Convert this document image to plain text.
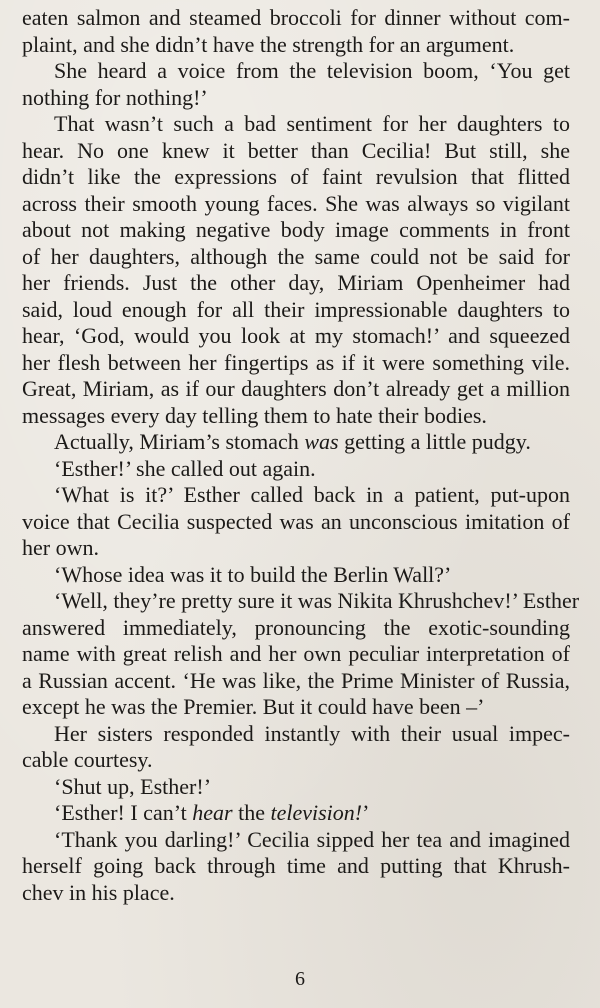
eaten salmon and steamed broccoli for dinner without com-
plaint, and she didn’t have the strength for an argument.
She heard a voice from the television boom, ‘You get
nothing for nothing!’
That wasn’t such a bad sentiment for her daughters to
hear. No one knew it better than Cecilia! But still, she
didn’t like the expressions of faint revulsion that flitted
across their smooth young faces. She was always so vigilant
about not making negative body image comments in front
of her daughters, although the same could not be said for
her friends. Just the other day, Miriam Openheimer had
said, loud enough for all their impressionable daughters to
hear, ‘God, would you look at my stomach!’ and squeezed
her flesh between her fingertips as if it were something vile.
Great, Miriam, as if our daughters don’t already get a million
messages every day telling them to hate their bodies.
Actually, Miriam’s stomach was getting a little pudgy.
‘Esther!’ she called out again.
‘What is it?’ Esther called back in a patient, put-upon
voice that Cecilia suspected was an unconscious imitation of
her own.
‘Whose idea was it to build the Berlin Wall?’
‘Well, they’re pretty sure it was Nikita Khrushchev!’ Esther
answered immediately, pronouncing the exotic-sounding
name with great relish and her own peculiar interpretation of
a Russian accent. ‘He was like, the Prime Minister of Russia,
except he was the Premier. But it could have been –’
Her sisters responded instantly with their usual impec-
cable courtesy.
‘Shut up, Esther!’
‘Esther! I can’t hear the television!’
‘Thank you darling!’ Cecilia sipped her tea and imagined
herself going back through time and putting that Khrush-
chev in his place.
6
